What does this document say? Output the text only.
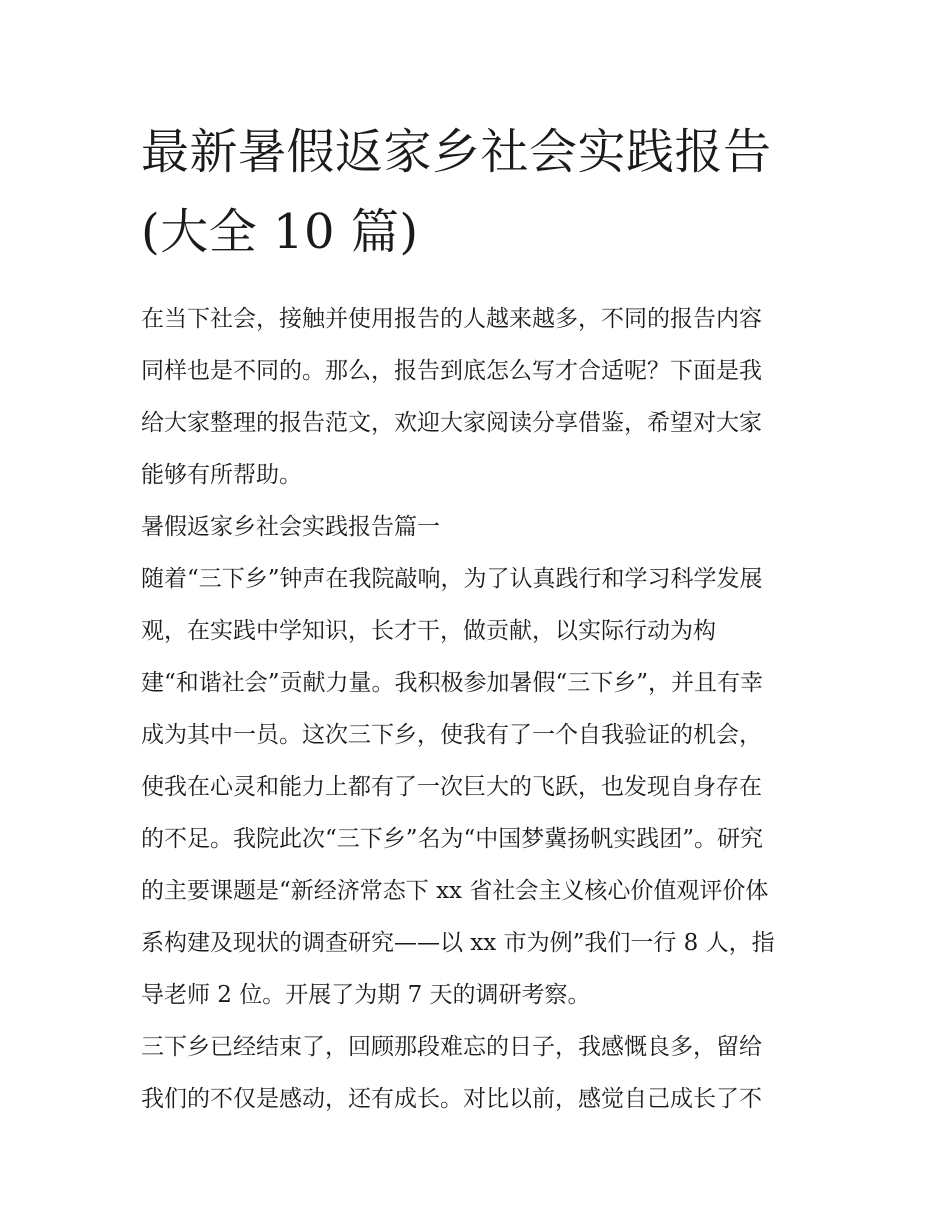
最新暑假返家乡社会实践报告
(大全 10 篇)

在当下社会，接触并使用报告的人越来越多，不同的报告内容
同样也是不同的。那么，报告到底怎么写才合适呢？下面是我
给大家整理的报告范文，欢迎大家阅读分享借鉴，希望对大家
能够有所帮助。

暑假返家乡社会实践报告篇一

随着“三下乡”钟声在我院敲响，为了认真践行和学习科学发展
观，在实践中学知识，长才干，做贡献，以实际行动为构
建“和谐社会”贡献力量。我积极参加暑假“三下乡”，并且有幸
成为其中一员。这次三下乡，使我有了一个自我验证的机会，
使我在心灵和能力上都有了一次巨大的飞跃，也发现自身存在
的不足。我院此次“三下乡”名为“中国梦冀扬帆实践团”。研究
的主要课题是“新经济常态下 xx 省社会主义核心价值观评价体
系构建及现状的调查研究——以 xx 市为例”我们一行 8 人，指
导老师 2 位。开展了为期 7 天的调研考察。

三下乡已经结束了，回顾那段难忘的日子，我感慨良多，留给
我们的不仅是感动，还有成长。对比以前，感觉自己成长了不
